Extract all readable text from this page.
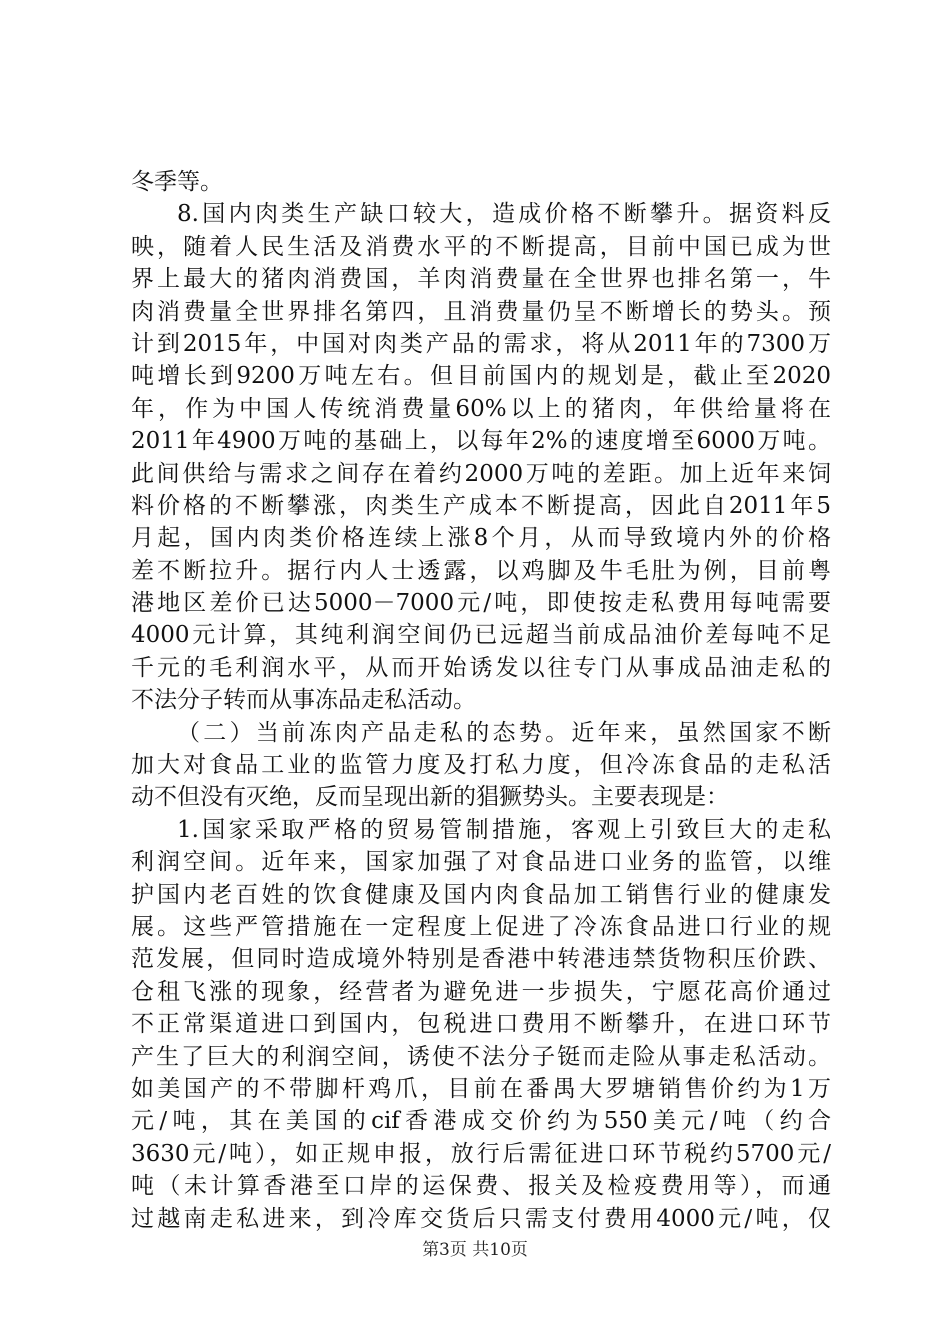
冬季等。
8.国内肉类生产缺口较大，造成价格不断攀升。据资料反
映，随着人民生活及消费水平的不断提高，目前中国已成为世
界上最大的猪肉消费国，羊肉消费量在全世界也排名第一，牛
肉消费量全世界排名第四，且消费量仍呈不断增长的势头。预
计到2015年，中国对肉类产品的需求，将从2011年的7300万
吨增长到9200万吨左右。但目前国内的规划是，截止至2020
年，作为中国人传统消费量60%以上的猪肉，年供给量将在
2011年4900万吨的基础上，以每年2%的速度增至6000万吨。
此间供给与需求之间存在着约2000万吨的差距。加上近年来饲
料价格的不断攀涨，肉类生产成本不断提高，因此自2011年5
月起，国内肉类价格连续上涨8个月，从而导致境内外的价格
差不断拉升。据行内人士透露，以鸡脚及牛毛肚为例，目前粤
港地区差价已达5000－7000元/吨，即使按走私费用每吨需要
4000元计算，其纯利润空间仍已远超当前成品油价差每吨不足
千元的毛利润水平，从而开始诱发以往专门从事成品油走私的
不法分子转而从事冻品走私活动。
（二）当前冻肉产品走私的态势。近年来，虽然国家不断
加大对食品工业的监管力度及打私力度，但冷冻食品的走私活
动不但没有灭绝，反而呈现出新的猖獗势头。主要表现是：
1.国家采取严格的贸易管制措施，客观上引致巨大的走私
利润空间。近年来，国家加强了对食品进口业务的监管，以维
护国内老百姓的饮食健康及国内肉食品加工销售行业的健康发
展。这些严管措施在一定程度上促进了冷冻食品进口行业的规
范发展，但同时造成境外特别是香港中转港违禁货物积压价跌、
仓租飞涨的现象，经营者为避免进一步损失，宁愿花高价通过
不正常渠道进口到国内，包税进口费用不断攀升，在进口环节
产生了巨大的利润空间，诱使不法分子铤而走险从事走私活动。
如美国产的不带脚杆鸡爪，目前在番禺大罗塘销售价约为1万
元/吨，其在美国的cif香港成交价约为550美元/吨（约合
3630元/吨），如正规申报，放行后需征进口环节税约5700元/
吨（未计算香港至口岸的运保费、报关及检疫费用等），而通
过越南走私进来，到冷库交货后只需支付费用4000元/吨，仅
第3页 共10页
